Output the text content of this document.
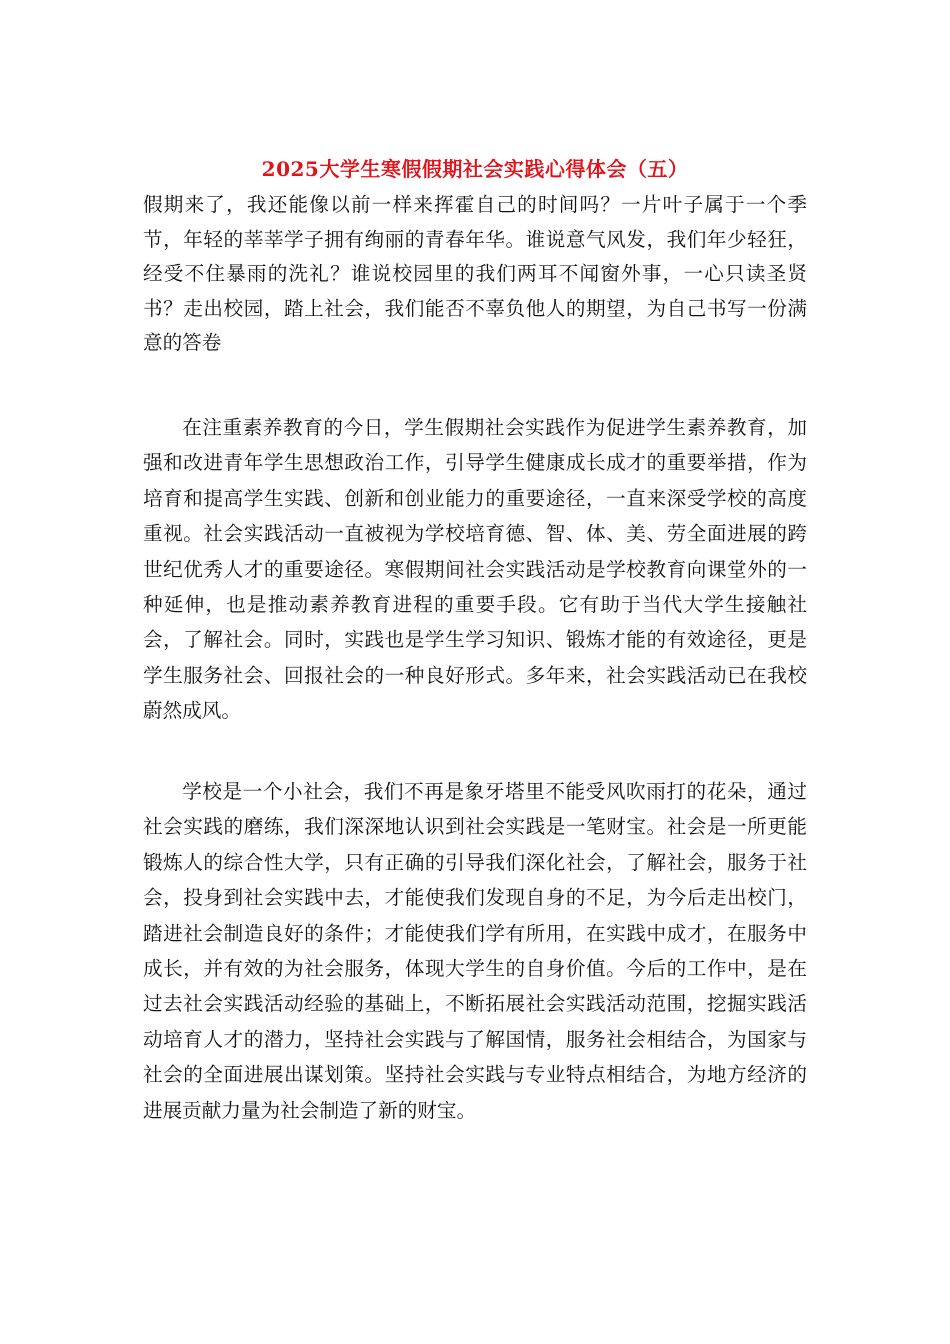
2025大学生寒假假期社会实践心得体会（五）

假期来了，我还能像以前一样来挥霍自己的时间吗？一片叶子属于一个季节，年轻的莘莘学子拥有绚丽的青春年华。谁说意气风发，我们年少轻狂，经受不住暴雨的洗礼？谁说校园里的我们两耳不闻窗外事，一心只读圣贤书？走出校园，踏上社会，我们能否不辜负他人的期望，为自己书写一份满意的答卷

在注重素养教育的今日，学生假期社会实践作为促进学生素养教育，加强和改进青年学生思想政治工作，引导学生健康成长成才的重要举措，作为培育和提高学生实践、创新和创业能力的重要途径，一直来深受学校的高度重视。社会实践活动一直被视为学校培育德、智、体、美、劳全面进展的跨世纪优秀人才的重要途径。寒假期间社会实践活动是学校教育向课堂外的一种延伸，也是推动素养教育进程的重要手段。它有助于当代大学生接触社会，了解社会。同时，实践也是学生学习知识、锻炼才能的有效途径，更是学生服务社会、回报社会的一种良好形式。多年来，社会实践活动已在我校蔚然成风。

学校是一个小社会，我们不再是象牙塔里不能受风吹雨打的花朵，通过社会实践的磨练，我们深深地认识到社会实践是一笔财宝。社会是一所更能锻炼人的综合性大学，只有正确的引导我们深化社会，了解社会，服务于社会，投身到社会实践中去，才能使我们发现自身的不足，为今后走出校门，踏进社会制造良好的条件；才能使我们学有所用，在实践中成才，在服务中成长，并有效的为社会服务，体现大学生的自身价值。今后的工作中，是在过去社会实践活动经验的基础上，不断拓展社会实践活动范围，挖掘实践活动培育人才的潜力，坚持社会实践与了解国情，服务社会相结合，为国家与社会的全面进展出谋划策。坚持社会实践与专业特点相结合，为地方经济的进展贡献力量为社会制造了新的财宝。
